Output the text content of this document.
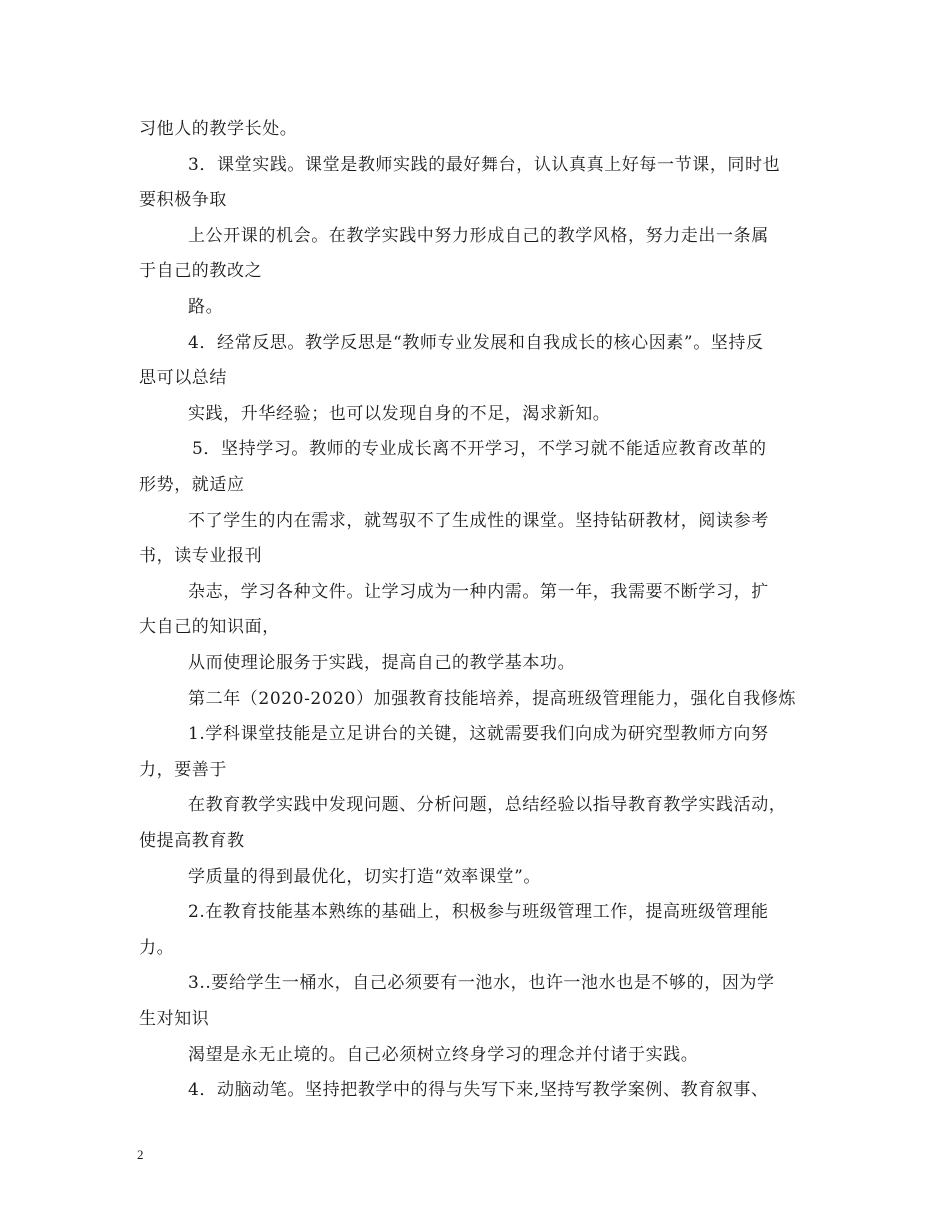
习他人的教学长处。
3．课堂实践。课堂是教师实践的最好舞台，认认真真上好每一节课，同时也
要积极争取
上公开课的机会。在教学实践中努力形成自己的教学风格，努力走出一条属
于自己的教改之
路。
4．经常反思。教学反思是“教师专业发展和自我成长的核心因素”。坚持反
思可以总结
实践，升华经验；也可以发现自身的不足，渴求新知。
5．坚持学习。教师的专业成长离不开学习，不学习就不能适应教育改革的
形势，就适应
不了学生的内在需求，就驾驭不了生成性的课堂。坚持钻研教材，阅读参考
书，读专业报刊
杂志，学习各种文件。让学习成为一种内需。第一年，我需要不断学习，扩
大自己的知识面，
从而使理论服务于实践，提高自己的教学基本功。
第二年（2020-2020）加强教育技能培养，提高班级管理能力，强化自我修炼
1.学科课堂技能是立足讲台的关键，这就需要我们向成为研究型教师方向努
力，要善于
在教育教学实践中发现问题、分析问题，总结经验以指导教育教学实践活动，
使提高教育教
学质量的得到最优化，切实打造“效率课堂”。
2.在教育技能基本熟练的基础上，积极参与班级管理工作，提高班级管理能
力。
3..要给学生一桶水，自己必须要有一池水，也许一池水也是不够的，因为学
生对知识
渴望是永无止境的。自己必须树立终身学习的理念并付诸于实践。
4．动脑动笔。坚持把教学中的得与失写下来,坚持写教学案例、教育叙事、
2
